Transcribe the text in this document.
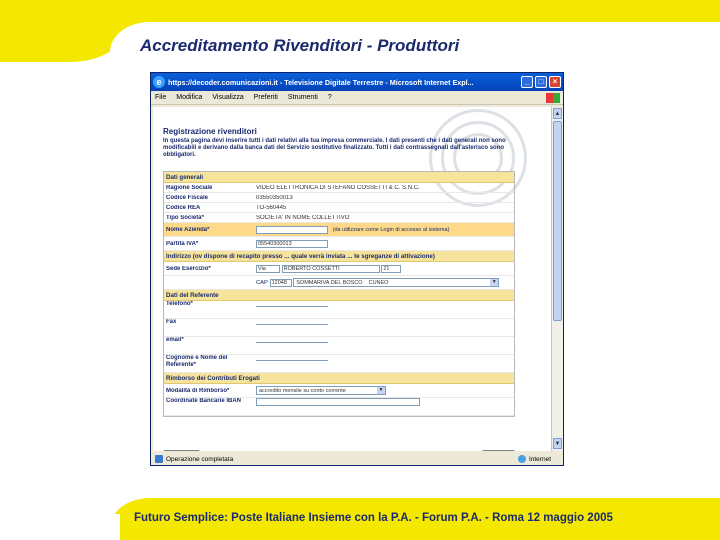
Accreditamento Rivenditori - Produttori
Futuro Semplice: Poste Italiane Insieme con la P.A. - Forum P.A. - Roma 12 maggio 2005
e https://decoder.comunicazioni.it - Televisione Digitale Terrestre - Microsoft Internet Expl...	_	□	×
File Modifica Visualizza Preferiti Strumenti ?
Registrazione rivenditori
In questa pagina devi inserire tutti i dati relativi alla tua impresa commerciale. I dati presenti che i dati generali non sono modificabili e derivano dalla banca dati del Servizio sostitutivo finalizzato. Tutti i dati contrassegnati dall'asterisco sono obbligatori.
Dati generali
Ragione Sociale	VIDEO ELETTRONICA DI STEFANO COSSETTI & C. S.N.C.
Codice Fiscale	03550350013
Codice REA	TO-560445
Tipo Società*	SOCIETA' IN NOME COLLETTIVO
Nome Azienda*	(da utilizzare come Login di accesso al sistema)
Partita IVA*	05540300013
Indirizzo (ov dispone di recapito presso ... quale verrà inviata ... te sgreganze di attivazione)
Sede Esercizio*	Via	ROBERTO COSSETTI	21
CAP 12048 SOMMARIVA DEL BOSCO CUNEO	▼
Dati del Referente
Telefono*
Fax
email*
Cognome e Nome del Referente*
Rimborso dei Contributi Erogati
Modalità di Rimborso*	accredito mensile su conto corrente	▼
Coordinate Bancarie IBAN
▲
▼
Operazione completata	Internet
